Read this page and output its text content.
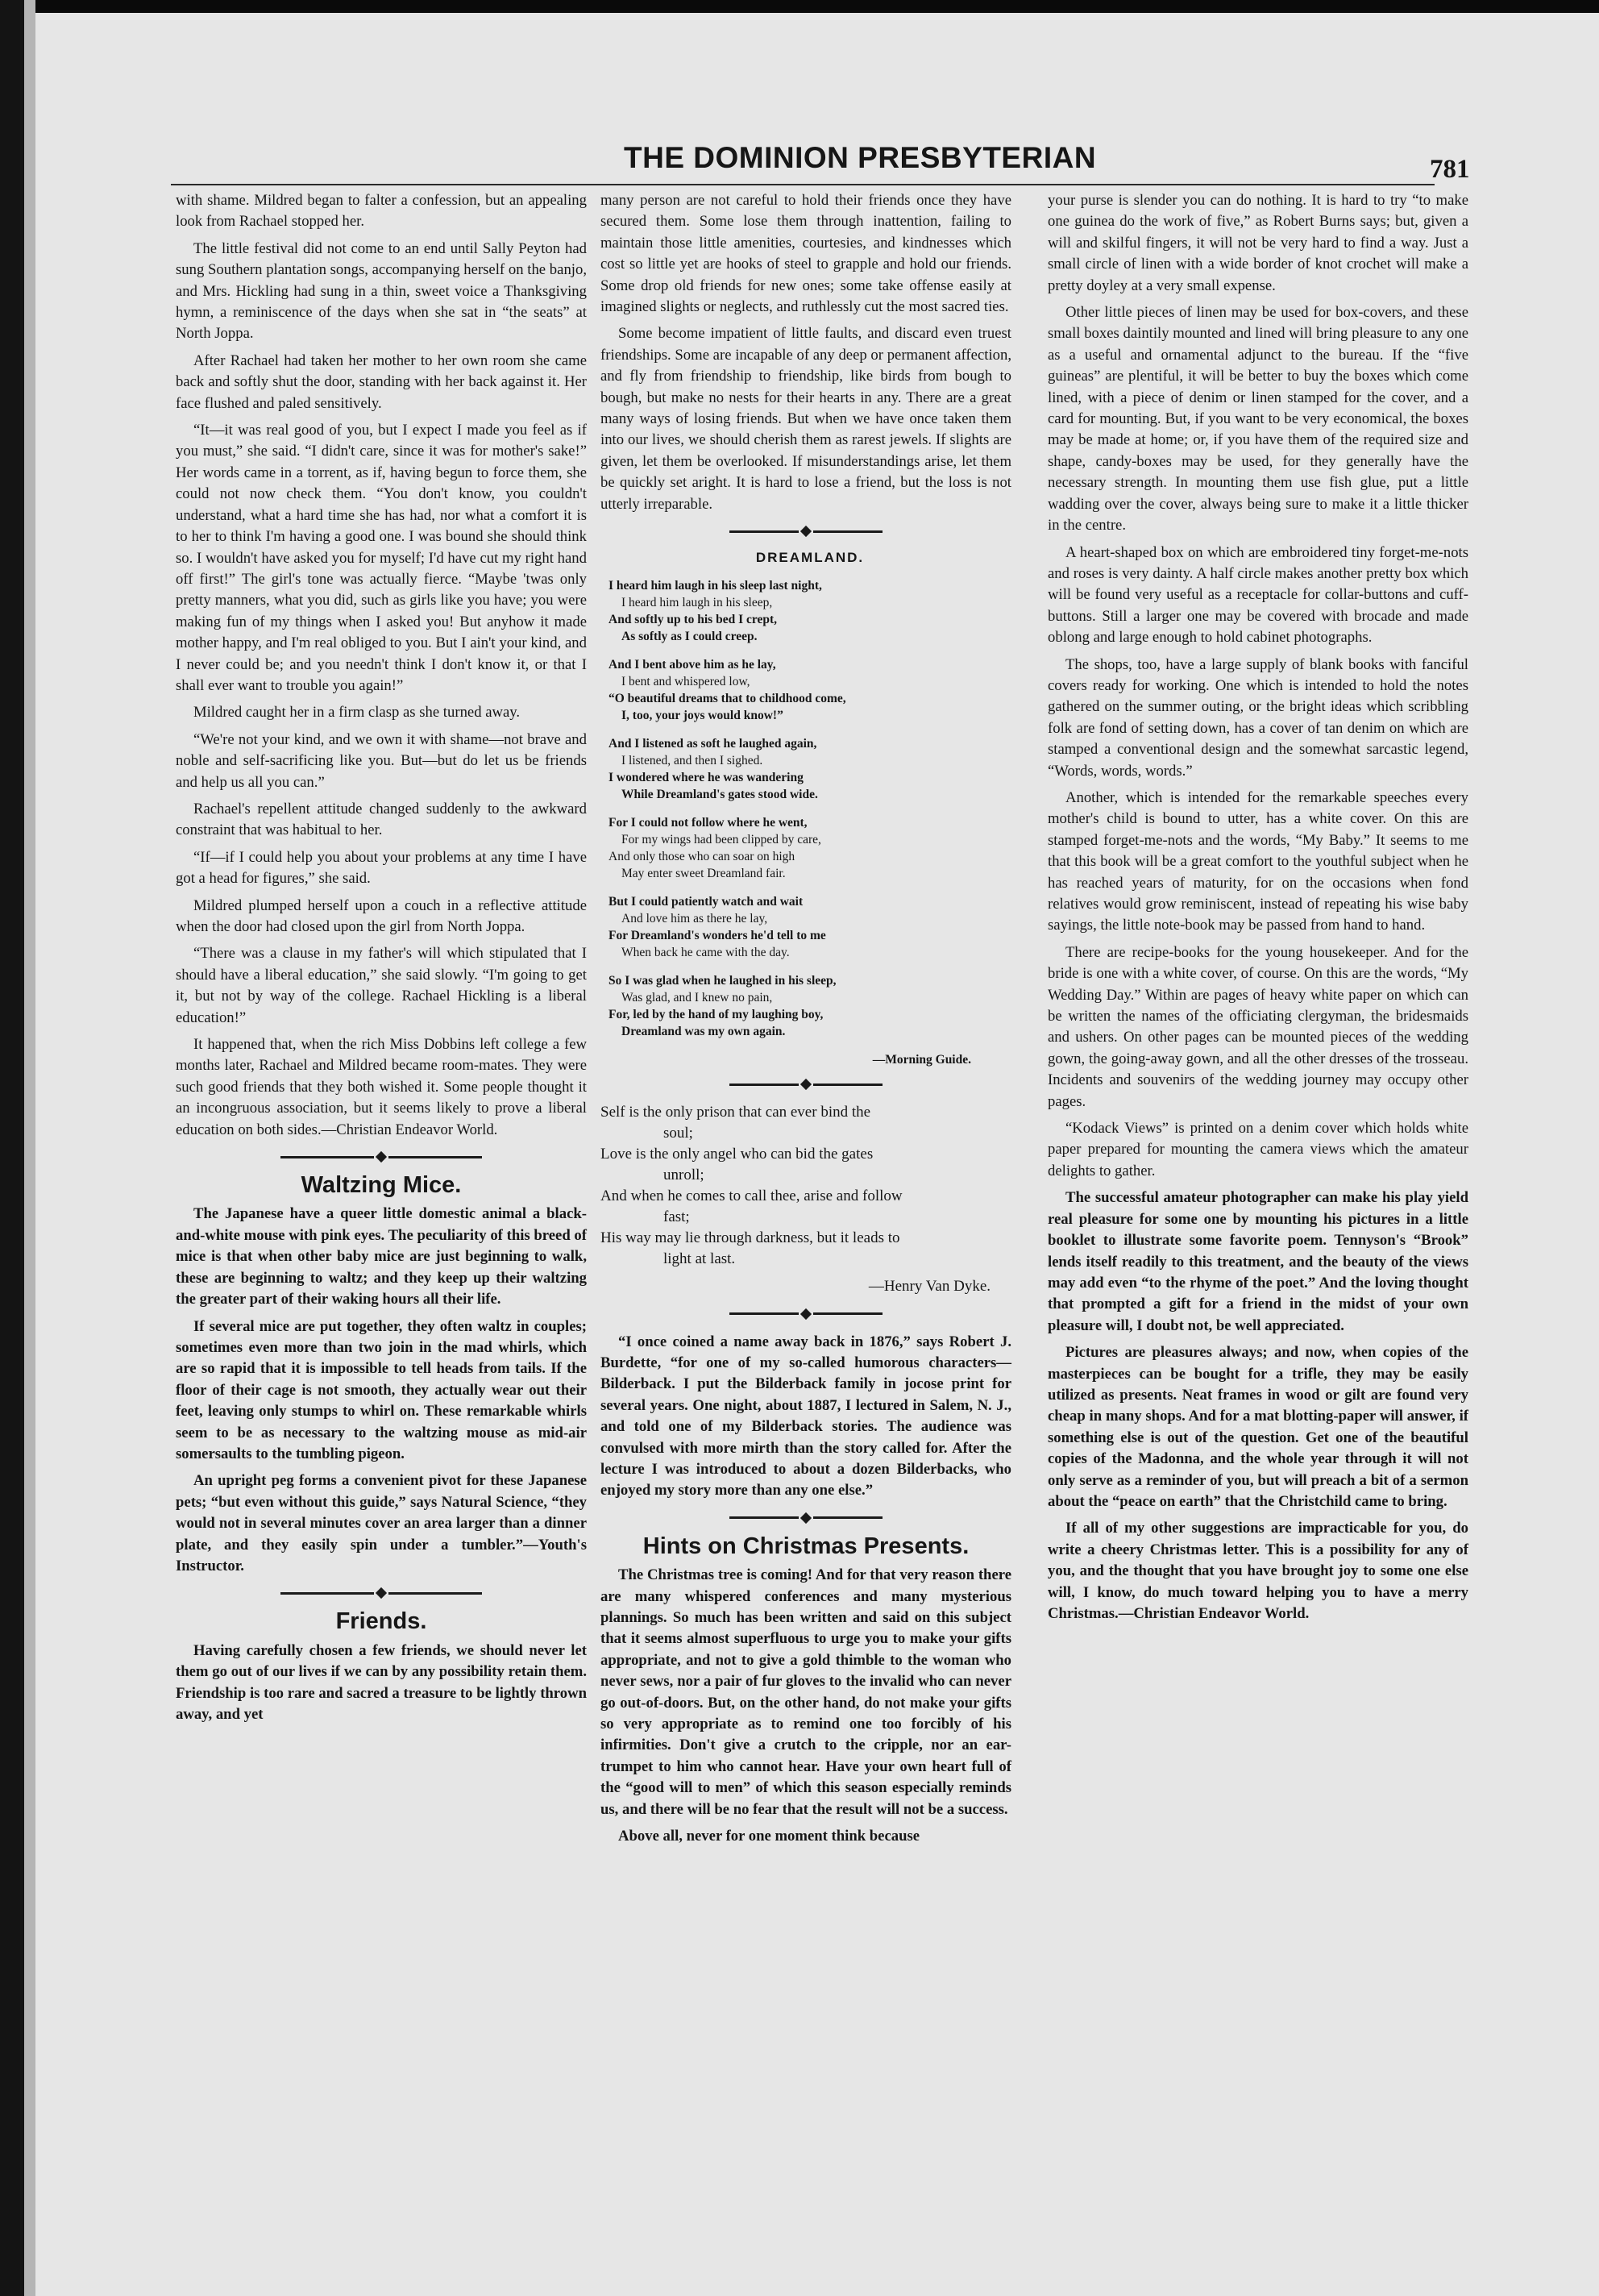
THE DOMINION PRESBYTERIAN	781

with shame. Mildred began to falter a confession, but an appealing look from Rachael stopped her.

The little festival did not come to an end until Sally Peyton had sung Southern plantation songs, accompanying herself on the banjo, and Mrs. Hickling had sung in a thin, sweet voice a Thanksgiving hymn, a reminiscence of the days when she sat in “the seats” at North Joppa.

After Rachael had taken her mother to her own room she came back and softly shut the door, standing with her back against it. Her face flushed and paled sensitively.

“It—it was real good of you, but I expect I made you feel as if you must,” she said. “I didn't care, since it was for mother's sake!” Her words came in a torrent, as if, having begun to force them, she could not now check them. “You don't know, you couldn't understand, what a hard time she has had, nor what a comfort it is to her to think I'm having a good one. I was bound she should think so. I wouldn't have asked you for myself; I'd have cut my right hand off first!” The girl's tone was actually fierce. “Maybe 'twas only pretty manners, what you did, such as girls like you have; you were making fun of my things when I asked you! But anyhow it made mother happy, and I'm real obliged to you. But I ain't your kind, and I never could be; and you needn't think I don't know it, or that I shall ever want to trouble you again!”

Mildred caught her in a firm clasp as she turned away.

“We're not your kind, and we own it with shame—not brave and noble and self-sacrificing like you. But—but do let us be friends and help us all you can.”

Rachael's repellent attitude changed suddenly to the awkward constraint that was habitual to her.

“If—if I could help you about your problems at any time I have got a head for figures,” she said.

Mildred plumped herself upon a couch in a reflective attitude when the door had closed upon the girl from North Joppa.

“There was a clause in my father's will which stipulated that I should have a liberal education,” she said slowly. “I'm going to get it, but not by way of the college. Rachael Hickling is a liberal education!”

It happened that, when the rich Miss Dobbins left college a few months later, Rachael and Mildred became room-mates. They were such good friends that they both wished it. Some people thought it an incongruous association, but it seems likely to prove a liberal education on both sides.—Christian Endeavor World.

Waltzing Mice.

The Japanese have a queer little domestic animal a black-and-white mouse with pink eyes. The peculiarity of this breed of mice is that when other baby mice are just beginning to walk, these are beginning to waltz; and they keep up their waltzing the greater part of their waking hours all their life.

If several mice are put together, they often waltz in couples; sometimes even more than two join in the mad whirls, which are so rapid that it is impossible to tell heads from tails. If the floor of their cage is not smooth, they actually wear out their feet, leaving only stumps to whirl on. These remarkable whirls seem to be as necessary to the waltzing mouse as mid-air somersaults to the tumbling pigeon.

An upright peg forms a convenient pivot for these Japanese pets; “but even without this guide,” says Natural Science, “they would not in several minutes cover an area larger than a dinner plate, and they easily spin under a tumbler.”—Youth's Instructor.

Friends.

Having carefully chosen a few friends, we should never let them go out of our lives if we can by any possibility retain them. Friendship is too rare and sacred a treasure to be lightly thrown away, and yet

many person are not careful to hold their friends once they have secured them. Some lose them through inattention, failing to maintain those little amenities, courtesies, and kindnesses which cost so little yet are hooks of steel to grapple and hold our friends. Some drop old friends for new ones; some take offense easily at imagined slights or neglects, and ruthlessly cut the most sacred ties.

Some become impatient of little faults, and discard even truest friendships. Some are incapable of any deep or permanent affection, and fly from friendship to friendship, like birds from bough to bough, but make no nests for their hearts in any. There are a great many ways of losing friends. But when we have once taken them into our lives, we should cherish them as rarest jewels. If slights are given, let them be overlooked. If misunderstandings arise, let them be quickly set aright. It is hard to lose a friend, but the loss is not utterly irreparable.

DREAMLAND.
I heard him laugh in his sleep last night,
I heard him laugh in his sleep,
And softly up to his bed I crept,
As softly as I could creep.
And I bent above him as he lay,
I bent and whispered low,
“O beautiful dreams that to childhood come,
I, too, your joys would know!”
And I listened as soft he laughed again,
I listened, and then I sighed.
I wondered where he was wandering
While Dreamland's gates stood wide.
For I could not follow where he went,
For my wings had been clipped by care,
And only those who can soar on high
May enter sweet Dreamland fair.
But I could patiently watch and wait
And love him as there he lay,
For Dreamland's wonders he'd tell to me
When back he came with the day.
So I was glad when he laughed in his sleep,
Was glad, and I knew no pain,
For, led by the hand of my laughing boy,
Dreamland was my own again.
—Morning Guide.
Self is the only prison that can ever bind the
soul;
Love is the only angel who can bid the gates
unroll;
And when he comes to call thee, arise and follow
fast;
His way may lie through darkness, but it leads to
light at last.
—Henry Van Dyke.

“I once coined a name away back in 1876,” says Robert J. Burdette, “for one of my so-called humorous characters—Bilderback. I put the Bilderback family in jocose print for several years. One night, about 1887, I lectured in Salem, N. J., and told one of my Bilderback stories. The audience was convulsed with more mirth than the story called for. After the lecture I was introduced to about a dozen Bilderbacks, who enjoyed my story more than any one else.”

Hints on Christmas Presents.

The Christmas tree is coming! And for that very reason there are many whispered conferences and many mysterious plannings. So much has been written and said on this subject that it seems almost superfluous to urge you to make your gifts appropriate, and not to give a gold thimble to the woman who never sews, nor a pair of fur gloves to the invalid who can never go out-of-doors. But, on the other hand, do not make your gifts so very appropriate as to remind one too forcibly of his infirmities. Don't give a crutch to the cripple, nor an ear-trumpet to him who cannot hear. Have your own heart full of the “good will to men” of which this season especially reminds us, and there will be no fear that the result will not be a success.

Above all, never for one moment think because

your purse is slender you can do nothing. It is hard to try “to make one guinea do the work of five,” as Robert Burns says; but, given a will and skilful fingers, it will not be very hard to find a way. Just a small circle of linen with a wide border of knot crochet will make a pretty doyley at a very small expense.

Other little pieces of linen may be used for box-covers, and these small boxes daintily mounted and lined will bring pleasure to any one as a useful and ornamental adjunct to the bureau. If the “five guineas” are plentiful, it will be better to buy the boxes which come lined, with a piece of denim or linen stamped for the cover, and a card for mounting. But, if you want to be very economical, the boxes may be made at home; or, if you have them of the required size and shape, candy-boxes may be used, for they generally have the necessary strength. In mounting them use fish glue, put a little wadding over the cover, always being sure to make it a little thicker in the centre.

A heart-shaped box on which are embroidered tiny forget-me-nots and roses is very dainty. A half circle makes another pretty box which will be found very useful as a receptacle for collar-buttons and cuff-buttons. Still a larger one may be covered with brocade and made oblong and large enough to hold cabinet photographs.

The shops, too, have a large supply of blank books with fanciful covers ready for working. One which is intended to hold the notes gathered on the summer outing, or the bright ideas which scribbling folk are fond of setting down, has a cover of tan denim on which are stamped a conventional design and the somewhat sarcastic legend, “Words, words, words.”

Another, which is intended for the remarkable speeches every mother's child is bound to utter, has a white cover. On this are stamped forget-me-nots and the words, “My Baby.” It seems to me that this book will be a great comfort to the youthful subject when he has reached years of maturity, for on the occasions when fond relatives would grow reminiscent, instead of repeating his wise baby sayings, the little note-book may be passed from hand to hand.

There are recipe-books for the young housekeeper. And for the bride is one with a white cover, of course. On this are the words, “My Wedding Day.” Within are pages of heavy white paper on which can be written the names of the officiating clergyman, the bridesmaids and ushers. On other pages can be mounted pieces of the wedding gown, the going-away gown, and all the other dresses of the trosseau. Incidents and souvenirs of the wedding journey may occupy other pages.

“Kodack Views” is printed on a denim cover which holds white paper prepared for mounting the camera views which the amateur delights to gather.

The successful amateur photographer can make his play yield real pleasure for some one by mounting his pictures in a little booklet to illustrate some favorite poem. Tennyson's “Brook” lends itself readily to this treatment, and the beauty of the views may add even “to the rhyme of the poet.” And the loving thought that prompted a gift for a friend in the midst of your own pleasure will, I doubt not, be well appreciated.

Pictures are pleasures always; and now, when copies of the masterpieces can be bought for a trifle, they may be easily utilized as presents. Neat frames in wood or gilt are found very cheap in many shops. And for a mat blotting-paper will answer, if something else is out of the question. Get one of the beautiful copies of the Madonna, and the whole year through it will not only serve as a reminder of you, but will preach a bit of a sermon about the “peace on earth” that the Christchild came to bring.

If all of my other suggestions are impracticable for you, do write a cheery Christmas letter. This is a possibility for any of you, and the thought that you have brought joy to some one else will, I know, do much toward helping you to have a merry Christmas.—Christian Endeavor World.
